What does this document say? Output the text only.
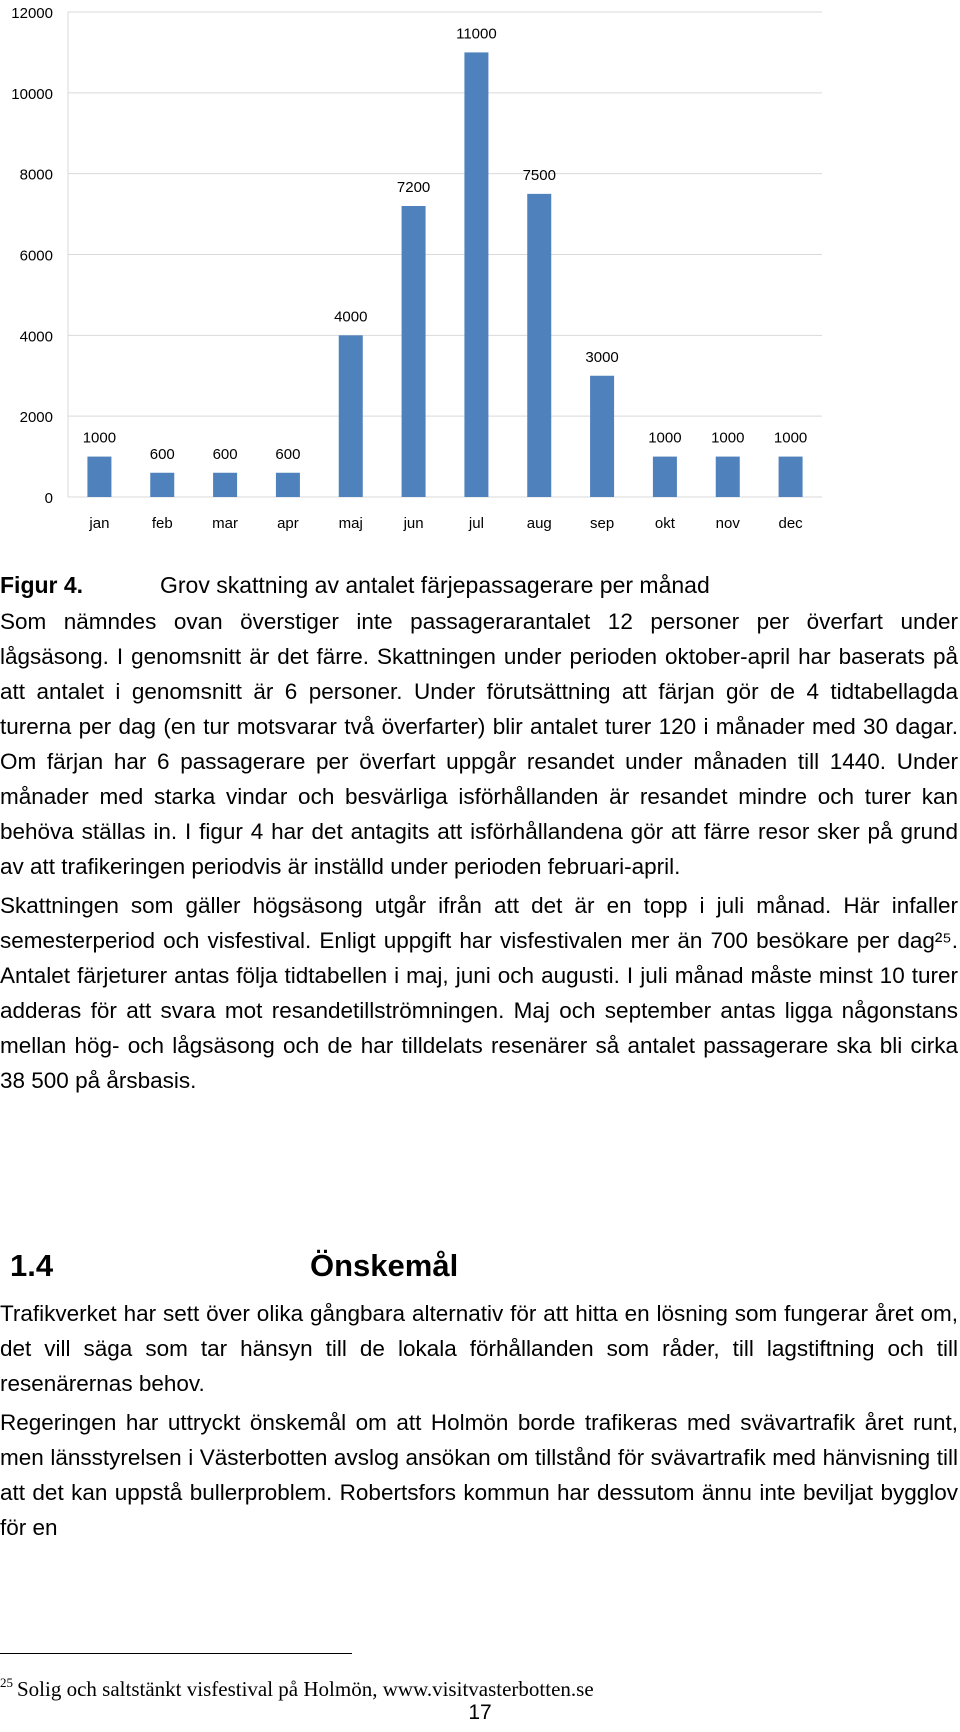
0
2000
4000
6000
8000
10000
12000
1000
600	600	600
4000
7200
11000
7500
3000
1000 1000 1000
jan	feb	mar	apr	maj	jun	jul	aug	sep	okt	nov	dec
Figur 4.	Grov skattning av antalet färjepassagerare per månad

Som nämndes ovan överstiger inte passagerarantalet 12 personer per överfart under lågsäsong. I genomsnitt är det färre. Skattningen under perioden oktober-april har baserats på att antalet i genomsnitt är 6 personer. Under förutsättning att färjan gör de 4 tidtabellagda turerna per dag (en tur motsvarar två överfarter) blir antalet turer 120 i månader med 30 dagar. Om färjan har 6 passagerare per överfart uppgår resandet under månaden till 1440. Under månader med starka vindar och besvärliga isförhållanden är resandet mindre och turer kan behöva ställas in. I figur 4 har det antagits att isförhållandena gör att färre resor sker på grund av att trafikeringen periodvis är inställd under perioden februari-april.

Skattningen som gäller högsäsong utgår ifrån att det är en topp i juli månad. Här infaller semesterperiod och visfestival. Enligt uppgift har visfestivalen mer än 700 besökare per dag²⁵. Antalet färjeturer antas följa tidtabellen i maj, juni och augusti. I juli månad måste minst 10 turer adderas för att svara mot resandetillströmningen. Maj och september antas ligga någonstans mellan hög- och lågsäsong och de har tilldelats resenärer så antalet passagerare ska bli cirka 38 500 på årsbasis.

1.4	Önskemål

Trafikverket har sett över olika gångbara alternativ för att hitta en lösning som fungerar året om, det vill säga som tar hänsyn till de lokala förhållanden som råder, till lagstiftning och till resenärernas behov.

Regeringen har uttryckt önskemål om att Holmön borde trafikeras med svävartrafik året runt, men länsstyrelsen i Västerbotten avslog ansökan om tillstånd för svävartrafik med hänvisning till att det kan uppstå bullerproblem. Robertsfors kommun har dessutom ännu inte beviljat bygglov för en

$^{25}$ Solig och saltstänkt visfestival på Holmön, www.visitvasterbotten.se
17
